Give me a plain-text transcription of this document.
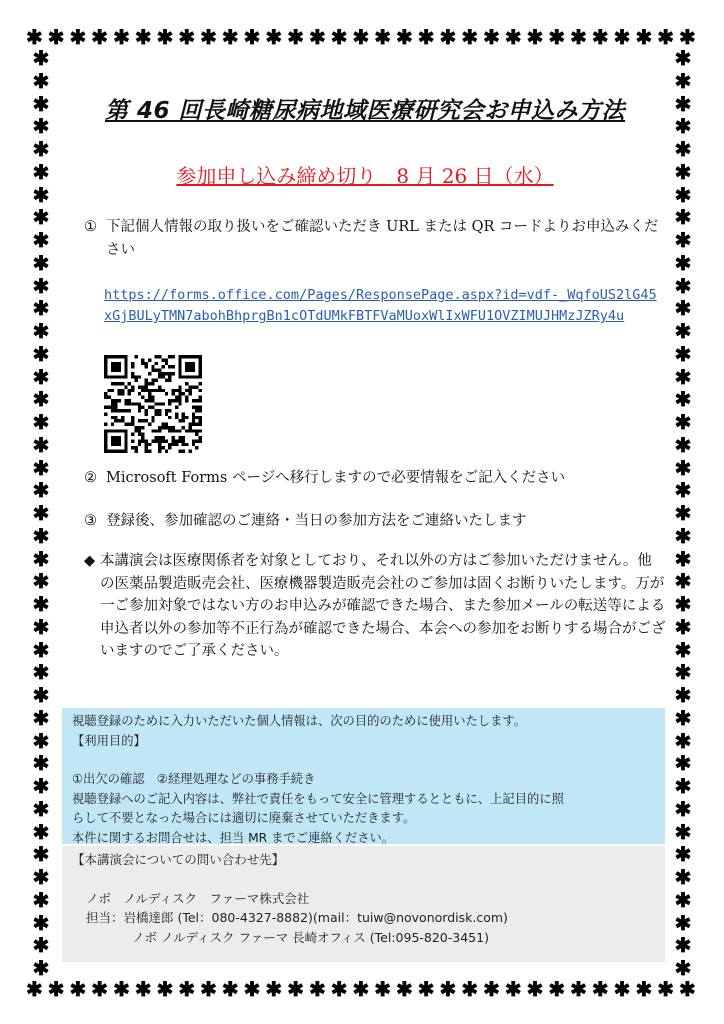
✱ ✱ ✱ ✱ ✱ ✱ ✱ ✱ ✱ ✱ ✱ ✱ ✱ ✱ ✱ ✱ ✱ ✱ ✱ ✱ ✱ ✱ ✱ ✱ ✱ ✱ ✱ ✱ ✱ ✱ ✱
✱ ✱ ✱ ✱ ✱ ✱ ✱ ✱ ✱ ✱ ✱ ✱ ✱ ✱ ✱ ✱ ✱ ✱ ✱ ✱ ✱ ✱ ✱ ✱ ✱ ✱ ✱ ✱ ✱ ✱ ✱
✱
✱
✱
✱
✱
✱
✱
✱
✱
✱
✱
✱
✱
✱
✱
✱
✱
✱
✱
✱
✱
✱
✱
✱
✱
✱
✱
✱
✱
✱
✱
✱
✱
✱
✱
✱
✱
✱
✱
✱
✱
✱
✱
✱
✱
✱
✱
✱
✱
✱
✱
✱
✱
✱
✱
✱
✱
✱
✱
✱
✱
✱
✱
✱
✱
✱
✱
✱
✱
✱
✱
✱
✱
✱
✱
✱
✱
✱
✱
✱
✱
✱
第 46 回長崎糖尿病地域医療研究会お申込み方法
参加申し込み締め切り　8 月 26 日（水）
① 下記個人情報の取り扱いをご確認いただき URL または QR コードよりお申込みください
https://forms.office.com/Pages/ResponsePage.aspx?id=vdf-_WqfoUS2lG45xGjBULyTMN7abohBhprgBn1cOTdUMkFBTFVaMUoxWlIxWFU1OVZIMUJHMzJZRy4u
② Microsoft Forms ページへ移行しますので必要情報をご記入ください
③ 登録後、参加確認のご連絡・当日の参加方法をご連絡いたします
◆ 本講演会は医療関係者を対象としており、それ以外の方はご参加いただけません。他の医薬品製造販売会社、医療機器製造販売会社のご参加は固くお断りいたします。万が一ご参加対象ではない方のお申込みが確認できた場合、また参加メールの転送等による申込者以外の参加等不正行為が確認できた場合、本会への参加をお断りする場合がございますのでご了承ください。

視聴登録のために入力いただいた個人情報は、次の目的のために使用いたします。

【利用目的】

①出欠の確認　②経理処理などの事務手続き

視聴登録へのご記入内容は、弊社で責任をもって安全に管理するとともに、上記目的に照

らして不要となった場合には適切に廃棄させていただきます。

本件に関するお問合せは、担当 MR までご連絡ください。

【本講演会についての問い合わせ先】

ノボ　ノルディスク　ファーマ株式会社

担当：岩橋達郎 (Tel：080-4327-8882)(mail：tuiw@novonordisk.com)

ノボ ノルディスク ファーマ 長崎オフィス (Tel:095-820-3451)
